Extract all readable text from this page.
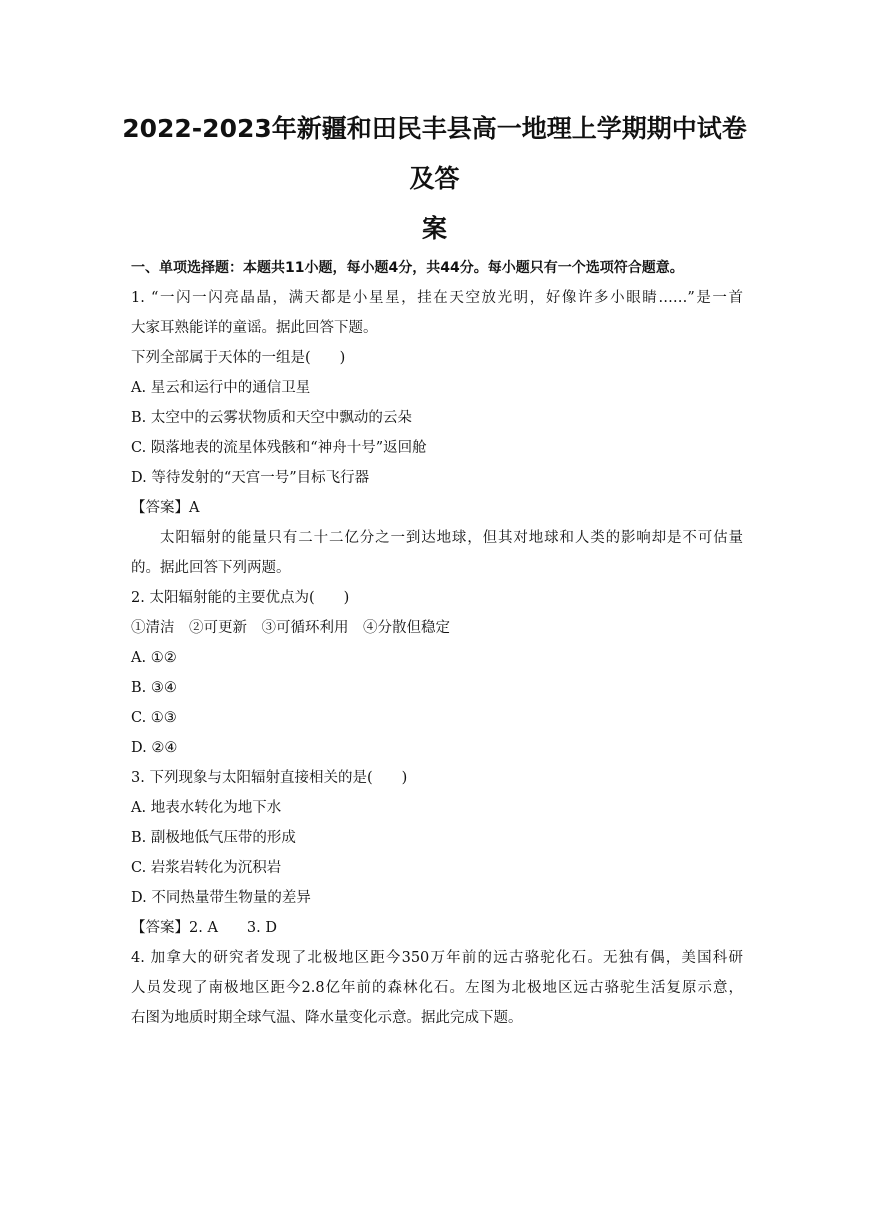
2022-2023年新疆和田民丰县高一地理上学期期中试卷及答
案
一、单项选择题：本题共11小题，每小题4分，共44分。每小题只有一个选项符合题意。
1. “一闪一闪亮晶晶，满天都是小星星，挂在天空放光明，好像许多小眼睛……”是一首
大家耳熟能详的童谣。据此回答下题。
下列全部属于天体的一组是(　　)
A. 星云和运行中的通信卫星
B. 太空中的云雾状物质和天空中飘动的云朵
C. 陨落地表的流星体残骸和“神舟十号”返回舱
D. 等待发射的“天宫一号”目标飞行器
【答案】A
太阳辐射的能量只有二十二亿分之一到达地球，但其对地球和人类的影响却是不可估量
的。据此回答下列两题。
2. 太阳辐射能的主要优点为(　　)
①清洁　②可更新　③可循环利用　④分散但稳定
A. ①②
B. ③④
C. ①③
D. ②④
3. 下列现象与太阳辐射直接相关的是(　　)
A. 地表水转化为地下水
B. 副极地低气压带的形成
C. 岩浆岩转化为沉积岩
D. 不同热量带生物量的差异
【答案】2. A　　3. D
4. 加拿大的研究者发现了北极地区距今350万年前的远古骆驼化石。无独有偶，美国科研
人员发现了南极地区距今2.8亿年前的森林化石。左图为北极地区远古骆驼生活复原示意，
右图为地质时期全球气温、降水量变化示意。据此完成下题。
